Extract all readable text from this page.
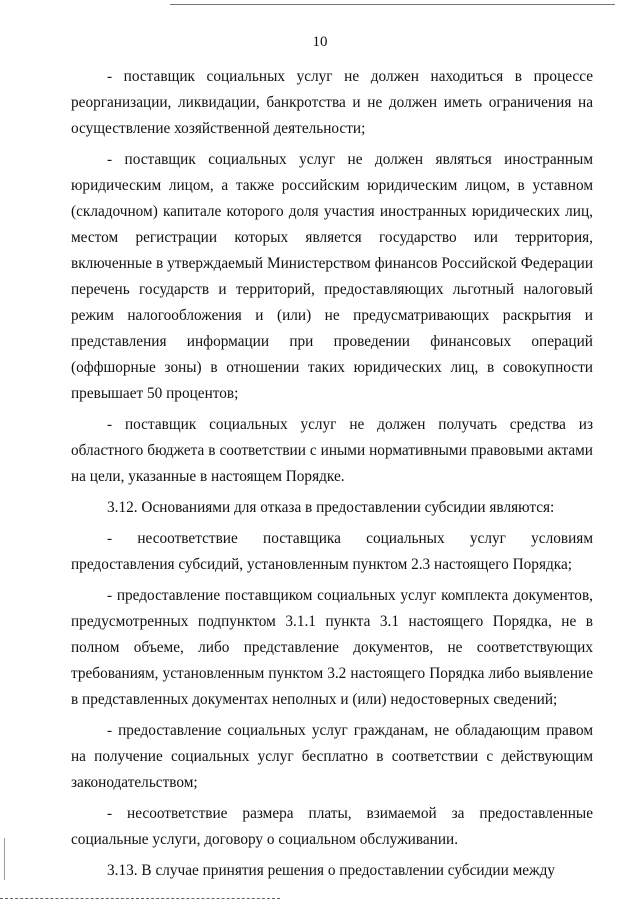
10

- поставщик социальных услуг не должен находиться в процессе реорганизации, ликвидации, банкротства и не должен иметь ограничения на осуществление хозяйственной деятельности;

- поставщик социальных услуг не должен являться иностранным юридическим лицом, а также российским юридическим лицом, в уставном (складочном) капитале которого доля участия иностранных юридических лиц, местом регистрации которых является государство или территория, включенные в утверждаемый Министерством финансов Российской Федерации перечень государств и территорий, предоставляющих льготный налоговый режим налогообложения и (или) не предусматривающих раскрытия и представления информации при проведении финансовых операций (оффшорные зоны) в отношении таких юридических лиц, в совокупности превышает 50 процентов;

- поставщик социальных услуг не должен получать средства из областного бюджета в соответствии с иными нормативными правовыми актами на цели, указанные в настоящем Порядке.

3.12. Основаниями для отказа в предоставлении субсидии являются:

- несоответствие поставщика социальных услуг условиям предоставления субсидий, установленным пунктом 2.3 настоящего Порядка;

- предоставление поставщиком социальных услуг комплекта документов, предусмотренных подпунктом 3.1.1 пункта 3.1 настоящего Порядка, не в полном объеме, либо представление документов, не соответствующих требованиям, установленным пунктом 3.2 настоящего Порядка либо выявление в представленных документах неполных и (или) недостоверных сведений;

- предоставление социальных услуг гражданам, не обладающим правом на получение социальных услуг бесплатно в соответствии с действующим законодательством;

- несоответствие размера платы, взимаемой за предоставленные социальные услуги, договору о социальном обслуживании.

3.13. В случае принятия решения о предоставлении субсидии между
